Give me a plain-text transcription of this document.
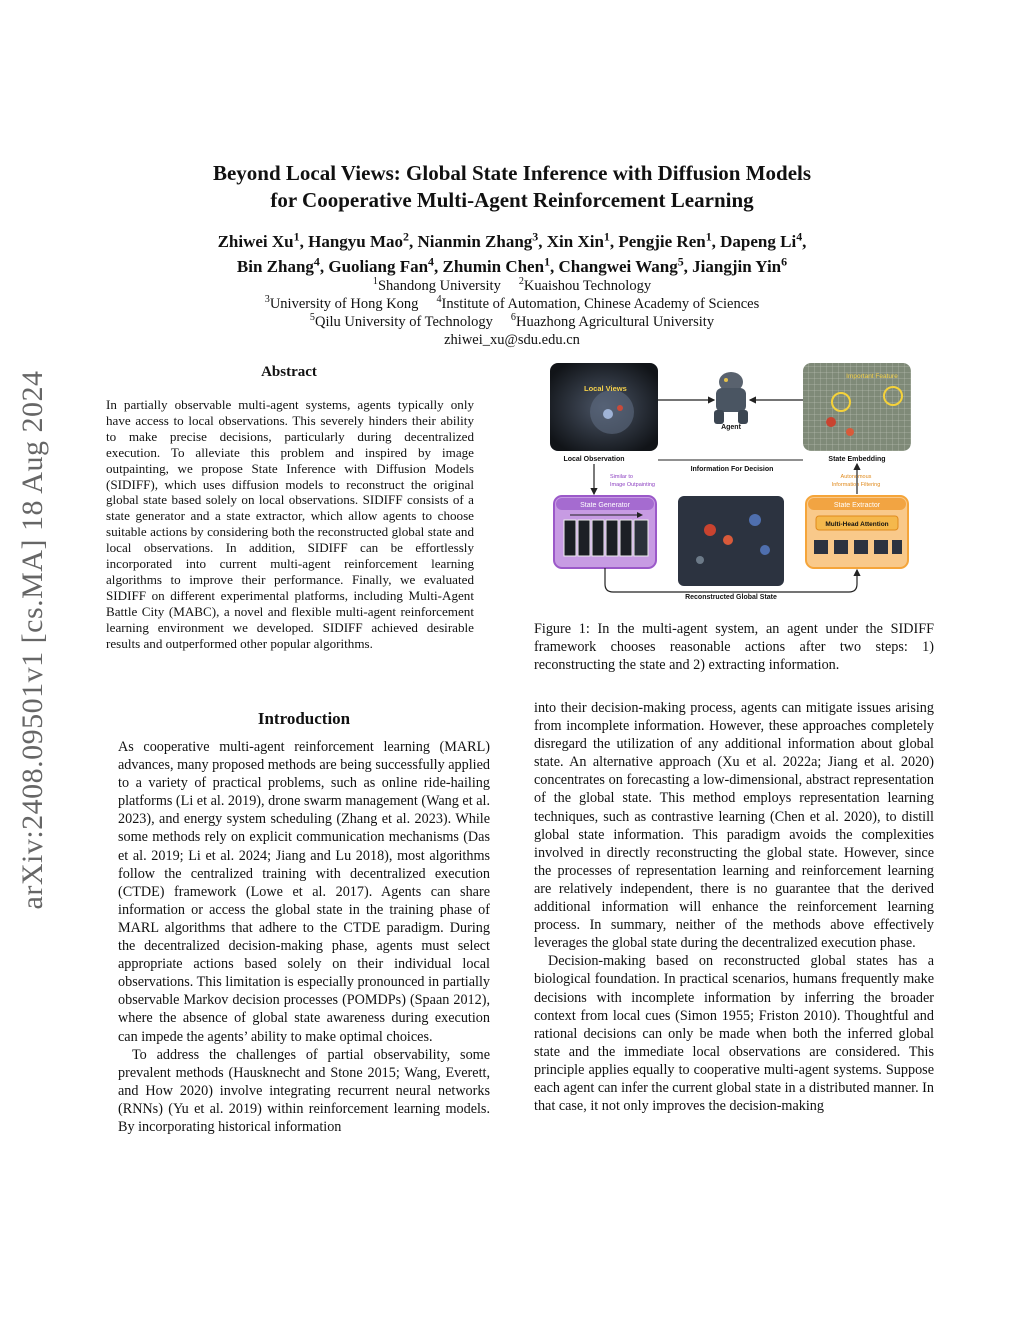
arXiv:2408.09501v1 [cs.MA] 18 Aug 2024
Beyond Local Views: Global State Inference with Diffusion Models
for Cooperative Multi-Agent Reinforcement Learning
Zhiwei Xu$^1$, Hangyu Mao$^2$, Nianmin Zhang$^3$, Xin Xin$^1$, Pengjie Ren$^1$, Dapeng Li$^4$,
Bin Zhang$^4$, Guoliang Fan$^4$, Zhumin Chen$^1$, Changwei Wang$^5$, Jiangjin Yin$^6$
$^1$Shandong University $^2$Kuaishou Technology
$^3$University of Hong Kong $^4$Institute of Automation, Chinese Academy of Sciences
$^5$Qilu University of Technology $^6$Huazhong Agricultural University
zhiwei_xu@sdu.edu.cn
Abstract
In partially observable multi-agent systems, agents typically only have access to local observations. This severely hinders their ability to make precise decisions, particularly during decentralized execution. To alleviate this problem and inspired by image outpainting, we propose State Inference with Diffusion Models (SIDIFF), which uses diffusion models to reconstruct the original global state based solely on local observations. SIDIFF consists of a state generator and a state extractor, which allow agents to choose suitable actions by considering both the reconstructed global state and local observations. In addition, SIDIFF can be effortlessly incorporated into current multi-agent reinforcement learning algorithms to improve their performance. Finally, we evaluated SIDIFF on different experimental platforms, including Multi-Agent Battle City (MABC), a novel and flexible multi-agent reinforcement learning environment we developed. SIDIFF achieved desirable results and outperformed other popular algorithms.
Introduction

As cooperative multi-agent reinforcement learning (MARL) advances, many proposed methods are being successfully applied to a variety of practical problems, such as online ride-hailing platforms (Li et al. 2019), drone swarm management (Wang et al. 2023), and energy system scheduling (Zhang et al. 2023). While some methods rely on explicit communication mechanisms (Das et al. 2019; Li et al. 2024; Jiang and Lu 2018), most algorithms follow the centralized training with decentralized execution (CTDE) framework (Lowe et al. 2017). Agents can share information or access the global state in the training phase of MARL algorithms that adhere to the CTDE paradigm. During the decentralized decision-making phase, agents must select appropriate actions based solely on their individual local observations. This limitation is especially pronounced in partially observable Markov decision processes (POMDPs) (Spaan 2012), where the absence of global state awareness during execution can impede the agents’ ability to make optimal choices.

To address the challenges of partial observability, some prevalent methods (Hausknecht and Stone 2015; Wang, Everett, and How 2020) involve integrating recurrent neural networks (RNNs) (Yu et al. 2019) within reinforcement learning models. By incorporating historical information

Local Views
Agent
Important Feature
Local Observation
Information For Decision
State Embedding
Similar to
Image Outpainting
Autonomous
Information Filtering
State Generator	State Extractor
Multi-Head Attention
Reconstructed Global State
Figure 1: In the multi-agent system, an agent under the SIDIFF framework chooses reasonable actions after two steps: 1) reconstructing the state and 2) extracting information.

into their decision-making process, agents can mitigate issues arising from incomplete information. However, these approaches completely disregard the utilization of any additional information about global state. An alternative approach (Xu et al. 2022a; Jiang et al. 2020) concentrates on forecasting a low-dimensional, abstract representation of the global state. This method employs representation learning techniques, such as contrastive learning (Chen et al. 2020), to distill global state information. This paradigm avoids the complexities involved in directly reconstructing the global state. However, since the processes of representation learning and reinforcement learning are relatively independent, there is no guarantee that the derived additional information will enhance the reinforcement learning process. In summary, neither of the methods above effectively leverages the global state during the decentralized execution phase.

Decision-making based on reconstructed global states has a biological foundation. In practical scenarios, humans frequently make decisions with incomplete information by inferring the broader context from local cues (Simon 1955; Friston 2010). Thoughtful and rational decisions can only be made when both the inferred global state and the immediate local observations are considered. This principle applies equally to cooperative multi-agent systems. Suppose each agent can infer the current global state in a distributed manner. In that case, it not only improves the decision-making
